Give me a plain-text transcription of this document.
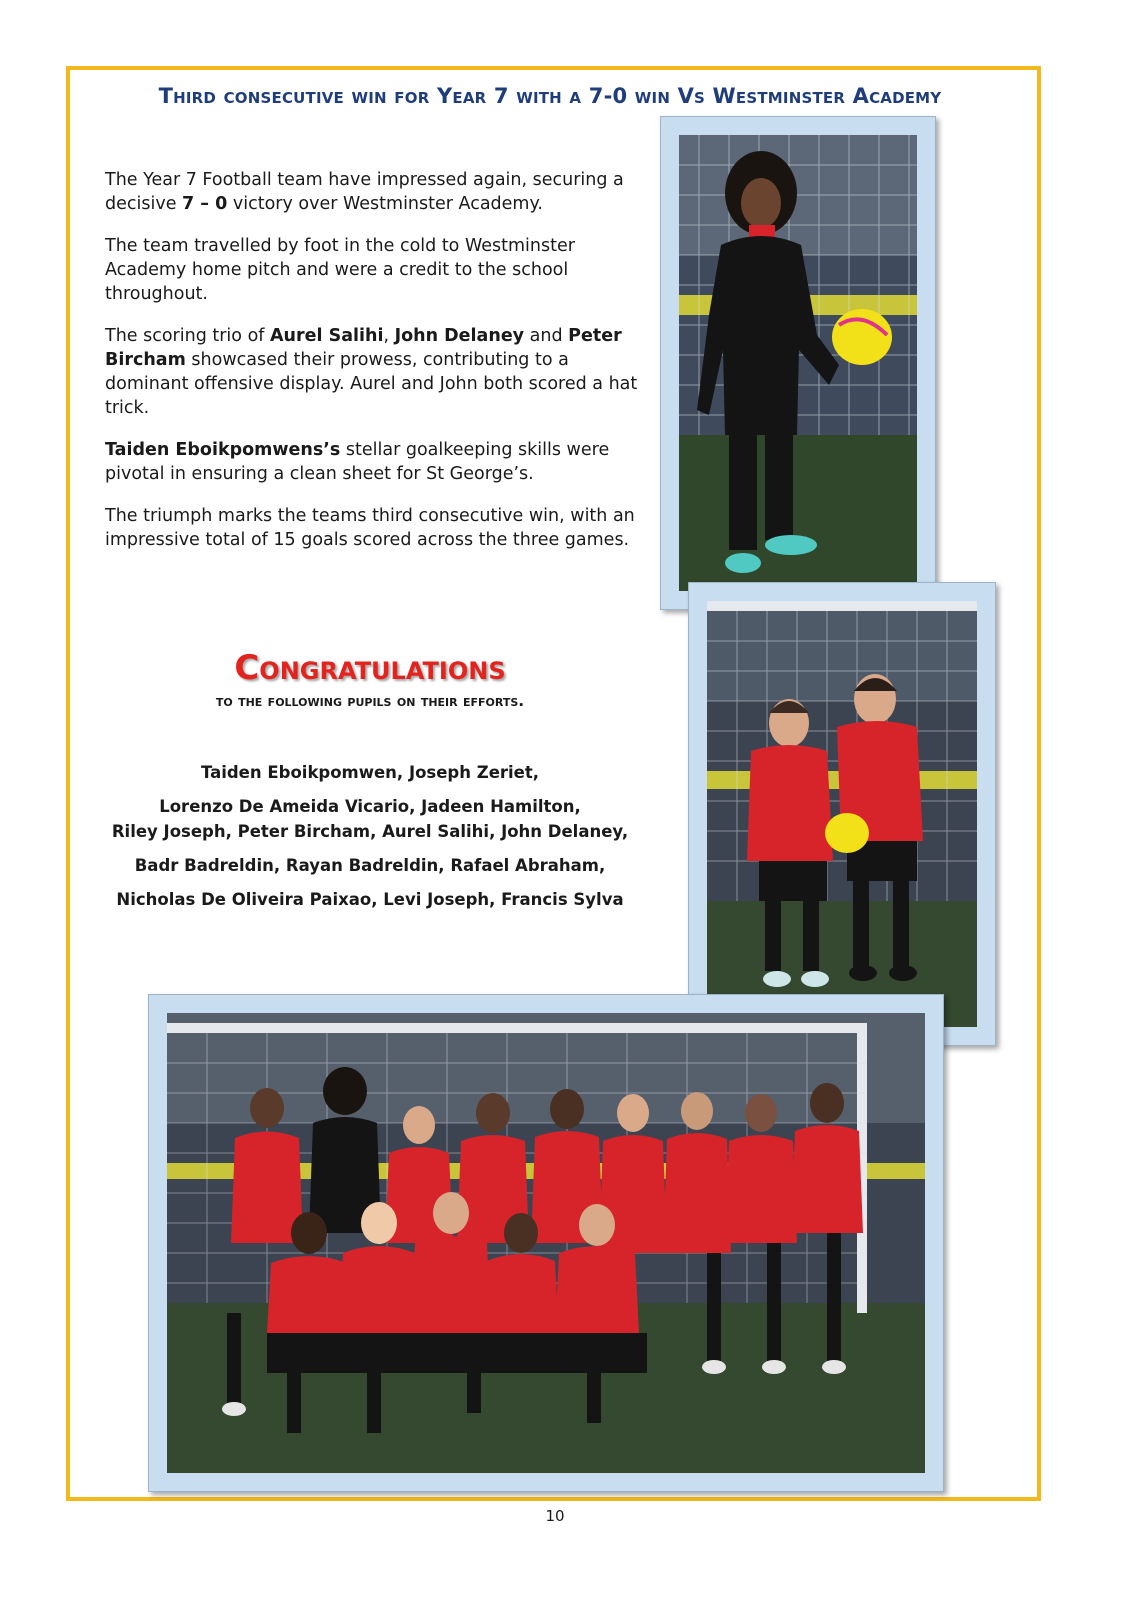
Third consecutive win for Year 7 with a 7-0 win Vs Westminster Academy

The Year 7 Football team have impressed again, securing a decisive 7 – 0 victory over Westminster Academy.

The team travelled by foot in the cold to Westminster Academy home pitch and were a credit to the school throughout.

The scoring trio of Aurel Salihi, John Delaney and Peter Bircham showcased their prowess, contributing to a dominant offensive display. Aurel and John both scored a hat trick.

Taiden Eboikpomwens’s stellar goalkeeping skills were pivotal in ensuring a clean sheet for St George’s.

The triumph marks the teams third consecutive win, with an impressive total of 15 goals scored across the three games.

Congratulations
to the following pupils on their efforts.
Taiden Eboikpomwen, Joseph Zeriet,
Lorenzo De Ameida Vicario, Jadeen Hamilton,
Riley Joseph, Peter Bircham, Aurel Salihi, John Delaney,
Badr Badreldin, Rayan Badreldin, Rafael Abraham,
Nicholas De Oliveira Paixao, Levi Joseph, Francis Sylva
10
